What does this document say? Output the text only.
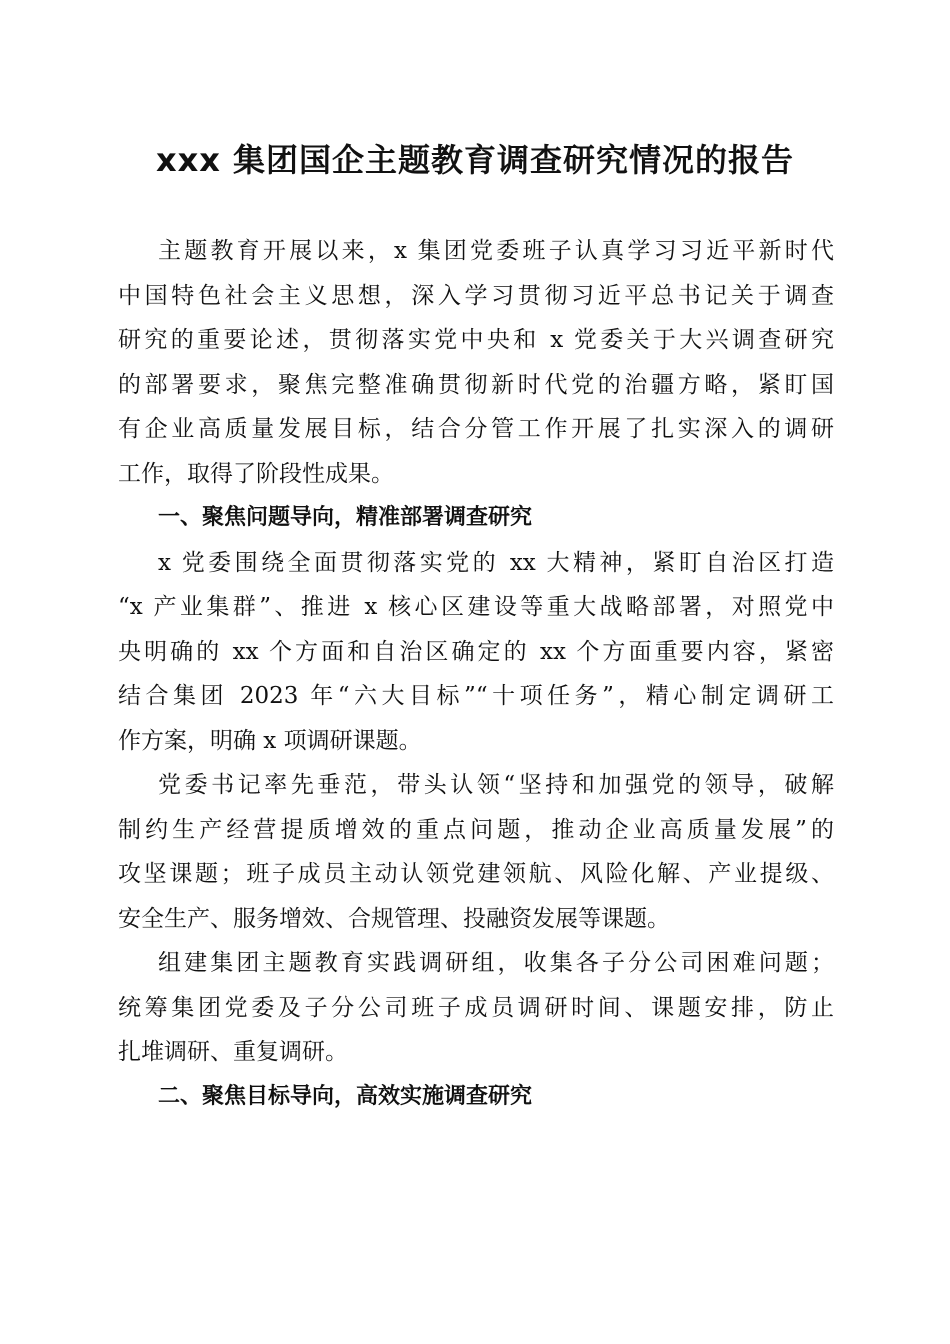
xxx 集团国企主题教育调查研究情况的报告
主题教育开展以来，x 集团党委班子认真学习习近平新时代
中国特色社会主义思想，深入学习贯彻习近平总书记关于调查
研究的重要论述，贯彻落实党中央和 x 党委关于大兴调查研究
的部署要求，聚焦完整准确贯彻新时代党的治疆方略，紧盯国
有企业高质量发展目标，结合分管工作开展了扎实深入的调研
工作，取得了阶段性成果。
一、聚焦问题导向，精准部署调查研究
x 党委围绕全面贯彻落实党的 xx 大精神，紧盯自治区打造
“x 产业集群”、推进 x 核心区建设等重大战略部署，对照党中
央明确的 xx 个方面和自治区确定的 xx 个方面重要内容，紧密
结合集团 2023 年“六大目标”“十项任务”，精心制定调研工
作方案，明确 x 项调研课题。
党委书记率先垂范，带头认领“坚持和加强党的领导，破解
制约生产经营提质增效的重点问题，推动企业高质量发展”的
攻坚课题；班子成员主动认领党建领航、风险化解、产业提级、
安全生产、服务增效、合规管理、投融资发展等课题。
组建集团主题教育实践调研组，收集各子分公司困难问题；
统筹集团党委及子分公司班子成员调研时间、课题安排，防止
扎堆调研、重复调研。
二、聚焦目标导向，高效实施调查研究
